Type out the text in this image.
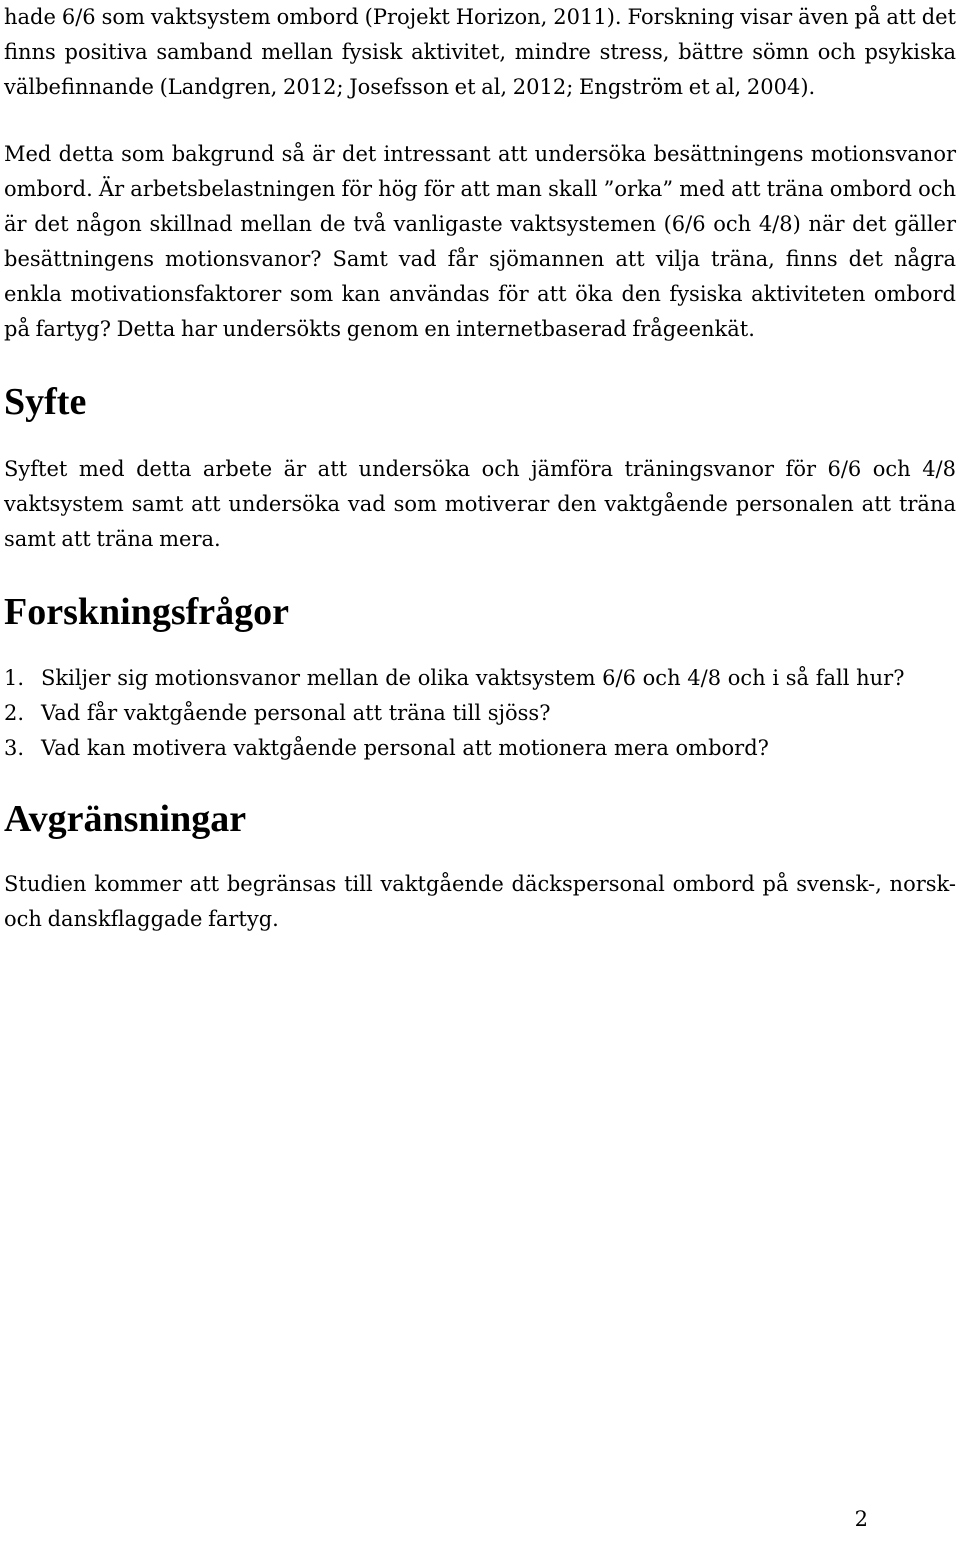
hade 6/6 som vaktsystem ombord (Projekt Horizon, 2011). Forskning visar även på att det finns positiva samband mellan fysisk aktivitet, mindre stress, bättre sömn och psykiska välbefinnande (Landgren, 2012; Josefsson et al, 2012; Engström et al, 2004).

Med detta som bakgrund så är det intressant att undersöka besättningens motionsvanor ombord. Är arbetsbelastningen för hög för att man skall ”orka” med att träna ombord och är det någon skillnad mellan de två vanligaste vaktsystemen (6/6 och 4/8) när det gäller besättningens motionsvanor? Samt vad får sjömannen att vilja träna, finns det några enkla motivationsfaktorer som kan användas för att öka den fysiska aktiviteten ombord på fartyg? Detta har undersökts genom en internetbaserad frågeenkät.

Syfte

Syftet med detta arbete är att undersöka och jämföra träningsvanor för 6/6 och 4/8 vaktsystem samt att undersöka vad som motiverar den vaktgående personalen att träna samt att träna mera.

Forskningsfrågor
1. Skiljer sig motionsvanor mellan de olika vaktsystem 6/6 och 4/8 och i så fall hur?
2. Vad får vaktgående personal att träna till sjöss?
3. Vad kan motivera vaktgående personal att motionera mera ombord?
Avgränsningar

Studien kommer att begränsas till vaktgående däckspersonal ombord på svensk-, norsk- och danskflaggade fartyg.

2
